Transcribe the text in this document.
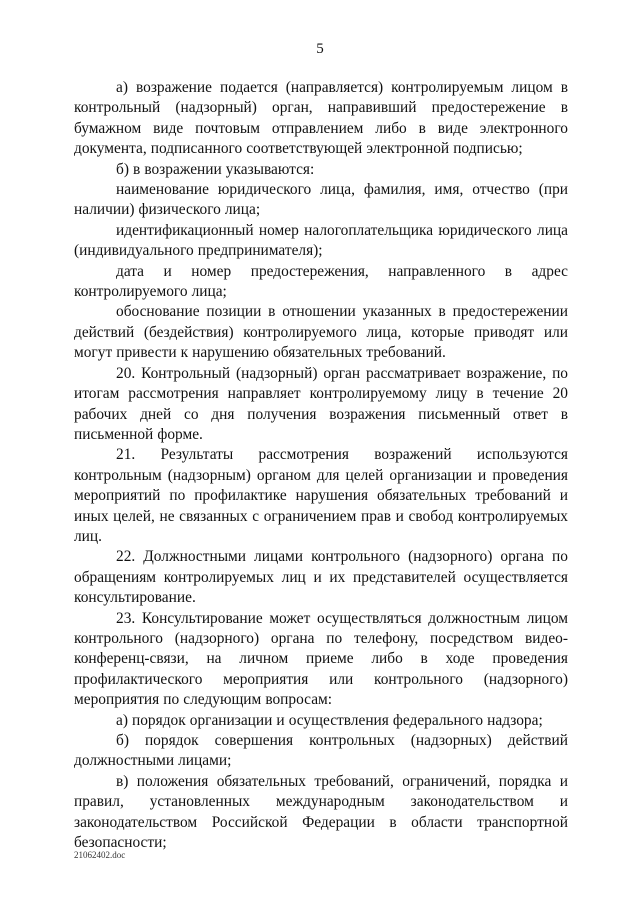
5

а) возражение подается (направляется) контролируемым лицом в контрольный (надзорный) орган, направивший предостережение в бумажном виде почтовым отправлением либо в виде электронного документа, подписанного соответствующей электронной подписью;

б) в возражении указываются:

наименование юридического лица, фамилия, имя, отчество (при наличии) физического лица;

идентификационный номер налогоплательщика юридического лица (индивидуального предпринимателя);

дата и номер предостережения, направленного в адрес контролируемого лица;

обоснование позиции в отношении указанных в предостережении действий (бездействия) контролируемого лица, которые приводят или могут привести к нарушению обязательных требований.

20. Контрольный (надзорный) орган рассматривает возражение, по итогам рассмотрения направляет контролируемому лицу в течение 20 рабочих дней со дня получения возражения письменный ответ в письменной форме.

21. Результаты рассмотрения возражений используются контрольным (надзорным) органом для целей организации и проведения мероприятий по профилактике нарушения обязательных требований и иных целей, не связанных с ограничением прав и свобод контролируемых лиц.

22. Должностными лицами контрольного (надзорного) органа по обращениям контролируемых лиц и их представителей осуществляется консультирование.

23. Консультирование может осуществляться должностным лицом контрольного (надзорного) органа по телефону, посредством видео-конференц-связи, на личном приеме либо в ходе проведения профилактического мероприятия или контрольного (надзорного) мероприятия по следующим вопросам:

а) порядок организации и осуществления федерального надзора;

б) порядок совершения контрольных (надзорных) действий должностными лицами;

в) положения обязательных требований, ограничений, порядка и правил, установленных международным законодательством и законодательством Российской Федерации в области транспортной безопасности;

21062402.doc
